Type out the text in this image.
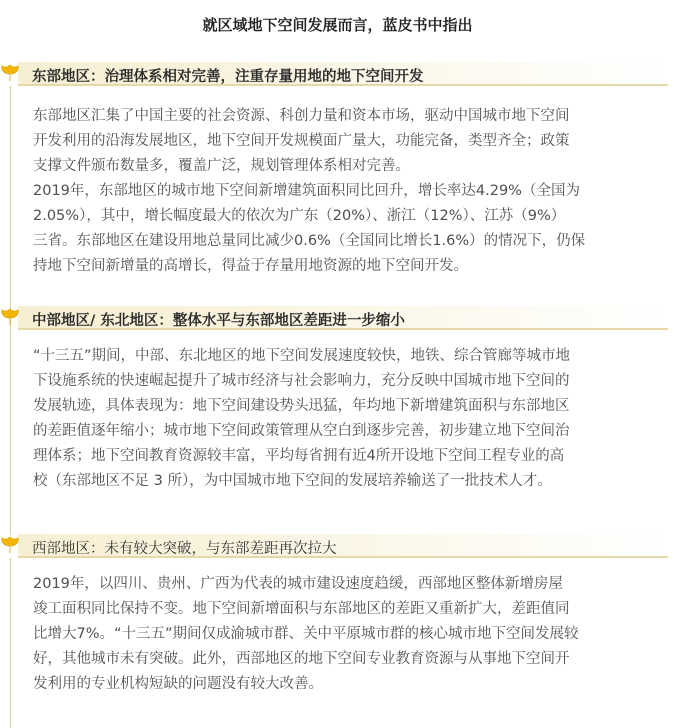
就区域地下空间发展而言，蓝皮书中指出
东部地区：治理体系相对完善，注重存量用地的地下空间开发
东部地区汇集了中国主要的社会资源、科创力量和资本市场，驱动中国城市地下空间
开发利用的沿海发展地区，地下空间开发规模面广量大，功能完备，类型齐全；政策
支撑文件颁布数量多，覆盖广泛，规划管理体系相对完善。
2019年，东部地区的城市地下空间新增建筑面积同比回升，增长率达4.29%（全国为
2.05%），其中，增长幅度最大的依次为广东（20%）、浙江（12%）、江苏（9%）
三省。东部地区在建设用地总量同比减少0.6%（全国同比增长1.6%）的情况下，仍保
持地下空间新增量的高增长，得益于存量用地资源的地下空间开发。
中部地区/ 东北地区：整体水平与东部地区差距进一步缩小
“十三五”期间，中部、东北地区的地下空间发展速度较快，地铁、综合管廊等城市地
下设施系统的快速崛起提升了城市经济与社会影响力，充分反映中国城市地下空间的
发展轨迹，具体表现为：地下空间建设势头迅猛，年均地下新增建筑面积与东部地区
的差距值逐年缩小；城市地下空间政策管理从空白到逐步完善，初步建立地下空间治
理体系；地下空间教育资源较丰富，平均每省拥有近4所开设地下空间工程专业的高
校（东部地区不足 3 所），为中国城市地下空间的发展培养输送了一批技术人才。
西部地区：未有较大突破，与东部差距再次拉大
2019年，以四川、贵州、广西为代表的城市建设速度趋缓，西部地区整体新增房屋
竣工面积同比保持不变。地下空间新增面积与东部地区的差距又重新扩大，差距值同
比增大7%。“十三五”期间仅成渝城市群、关中平原城市群的核心城市地下空间发展较
好，其他城市未有突破。此外，西部地区的地下空间专业教育资源与从事地下空间开
发利用的专业机构短缺的问题没有较大改善。
